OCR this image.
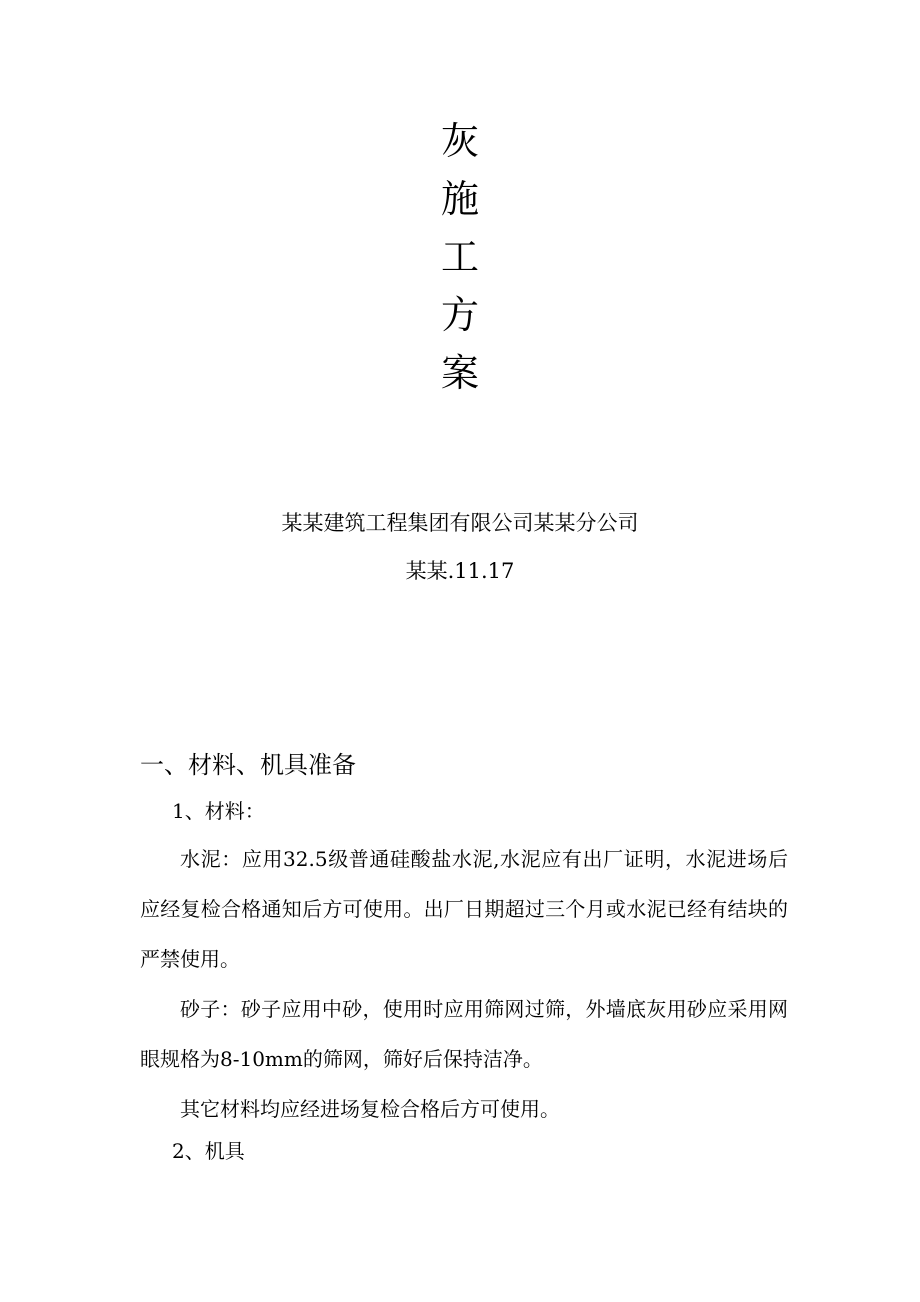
灰
施
工
方
案
某某建筑工程集团有限公司某某分公司
某某.11.17
一、材料、机具准备
1、材料：

水泥：应用32.5级普通硅酸盐水泥,水泥应有出厂证明，水泥进场后应经复检合格通知后方可使用。出厂日期超过三个月或水泥已经有结块的严禁使用。

砂子：砂子应用中砂，使用时应用筛网过筛，外墙底灰用砂应采用网眼规格为8-10mm的筛网，筛好后保持洁净。

其它材料均应经进场复检合格后方可使用。

2、机具
